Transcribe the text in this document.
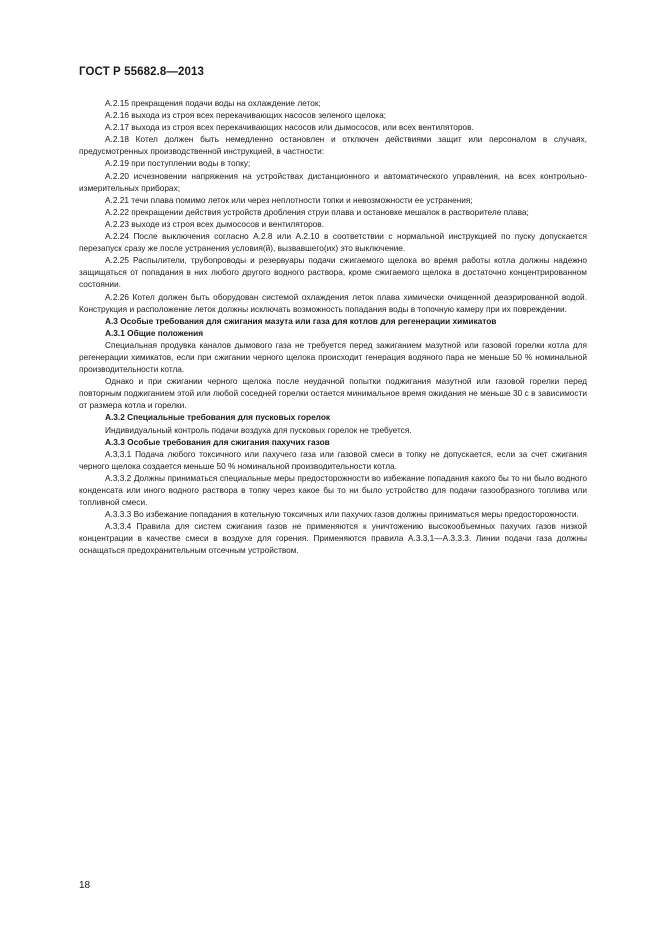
ГОСТ Р 55682.8—2013

А.2.15 прекращения подачи воды на охлаждение леток;

А.2.16 выхода из строя всех перекачивающих насосов зеленого щелока;

А.2.17 выхода из строя всех перекачивающих насосов или дымососов, или всех вентиляторов.

А.2.18 Котел должен быть немедленно остановлен и отключен действиями защит или персоналом в случаях, предусмотренных производственной инструкцией, в частности:

А.2.19 при поступлении воды в топку;

А.2.20 исчезновении напряжения на устройствах дистанционного и автоматического управления, на всех контрольно-измерительных приборах;

А.2.21 течи плава помимо леток или через неплотности топки и невозможности ее устранения;

А.2.22 прекращении действия устройств дробления струи плава и остановке мешалок в растворителе плава;

А.2.23 выходе из строя всех дымососов и вентиляторов.

А.2.24 После выключения согласно А.2.8 или А.2.10 в соответствии с нормальной инструкцией по пуску допускается перезапуск сразу же после устранения условия(й), вызвавшего(их) это выключение.

А.2.25 Распылители, трубопроводы и резервуары подачи сжигаемого щелока во время работы котла должны надежно защищаться от попадания в них любого другого водного раствора, кроме сжигаемого щелока в достаточно концентрированном состоянии.

А.2.26 Котел должен быть оборудован системой охлаждения леток плава химически очищенной деаэрированной водой. Конструкция и расположение леток должны исключать возможность попадания воды в топочную камеру при их повреждении.

А.3 Особые требования для сжигания мазута или газа для котлов для регенерации химикатов

А.3.1 Общие положения

Специальная продувка каналов дымового газа не требуется перед зажиганием мазутной или газовой горелки котла для регенерации химикатов, если при сжигании черного щелока происходит генерация водяного пара не меньше 50 % номинальной производительности котла.

Однако и при сжигании черного щелока после неудачной попытки поджигания мазутной или газовой горелки перед повторным поджиганием этой или любой соседней горелки остается минимальное время ожидания не меньше 30 с в зависимости от размера котла и горелки.

А.3.2 Специальные требования для пусковых горелок

Индивидуальный контроль подачи воздуха для пусковых горелок не требуется.

А.3.3 Особые требования для сжигания пахучих газов

А.3.3.1 Подача любого токсичного или пахучего газа или газовой смеси в топку не допускается, если за счет сжигания черного щелока создается меньше 50 % номинальной производительности котла.

А.3.3.2 Должны приниматься специальные меры предосторожности во избежание попадания какого бы то ни было водного конденсата или иного водного раствора в топку через какое бы то ни было устройство для подачи газообразного топлива или топливной смеси.

А.3.3.3 Во избежание попадания в котельную токсичных или пахучих газов должны приниматься меры предосторожности.

А.3.3.4 Правила для систем сжигания газов не применяются к уничтожению высокообъемных пахучих газов низкой концентрации в качестве смеси в воздухе для горения. Применяются правила А.3.3.1—А.3.3.3. Линии подачи газа должны оснащаться предохранительным отсечным устройством.

18
